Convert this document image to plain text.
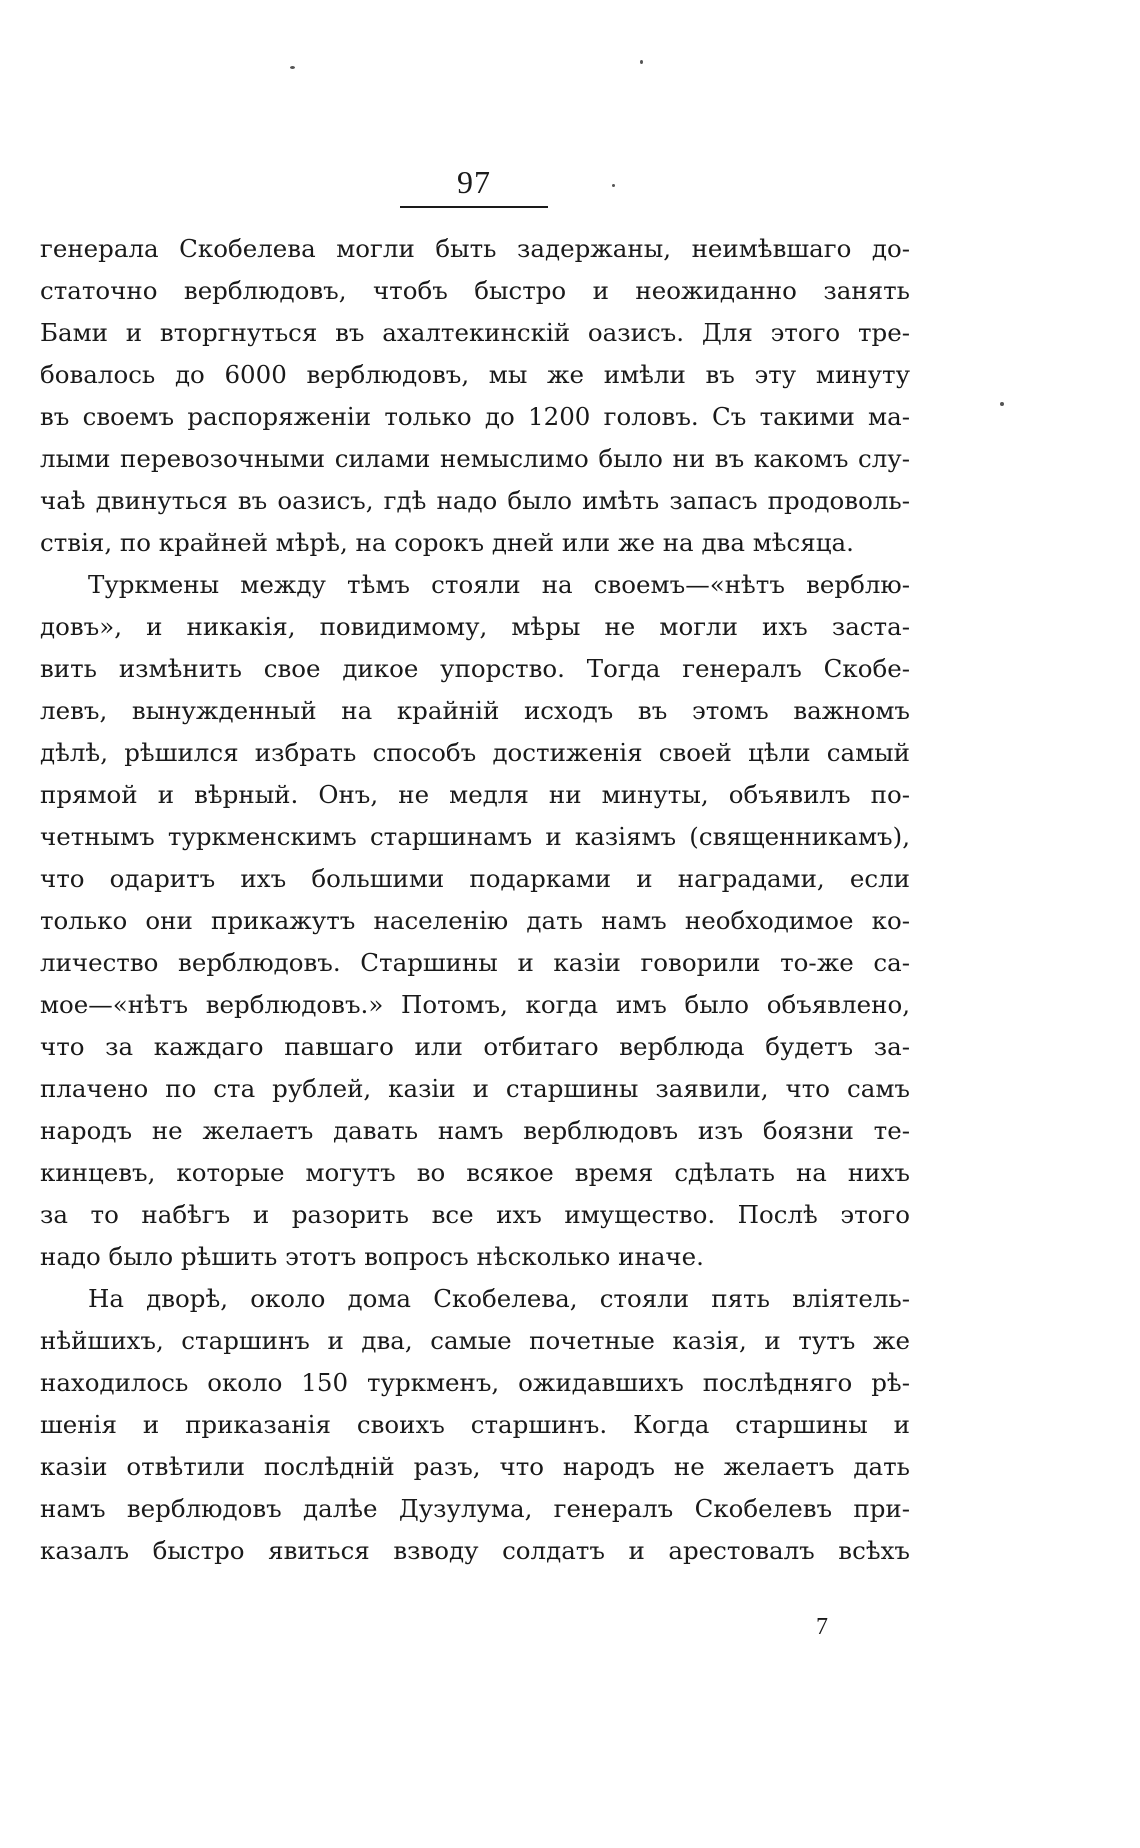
97
генерала Скобелева могли быть задержаны, неимѣвшаго до-
статочно верблюдовъ, чтобъ быстро и неожиданно занять
Бами и вторгнуться въ ахалтекинскій оазисъ. Для этого тре-
бовалось до 6000 верблюдовъ, мы же имѣли въ эту минуту
въ своемъ распоряженіи только до 1200 головъ. Съ такими ма-
лыми перевозочными силами немыслимо было ни въ какомъ слу-
чаѣ двинуться въ оазисъ, гдѣ надо было имѣть запасъ продоволь-
ствія, по крайней мѣрѣ, на сорокъ дней или же на два мѣсяца.
Туркмены между тѣмъ стояли на своемъ—«нѣтъ верблю-
довъ», и никакія, повидимому, мѣры не могли ихъ заста-
вить измѣнить свое дикое упорство. Тогда генералъ Скобе-
левъ, вынужденный на крайній исходъ въ этомъ важномъ
дѣлѣ, рѣшился избрать способъ достиженія своей цѣли самый
прямой и вѣрный. Онъ, не медля ни минуты, объявилъ по-
четнымъ туркменскимъ старшинамъ и казіямъ (священникамъ),
что одаритъ ихъ большими подарками и наградами, если
только они прикажутъ населенію дать намъ необходимое ко-
личество верблюдовъ. Старшины и казіи говорили то-же са-
мое—«нѣтъ верблюдовъ.» Потомъ, когда имъ было объявлено,
что за каждаго павшаго или отбитаго верблюда будетъ за-
плачено по ста рублей, казіи и старшины заявили, что самъ
народъ не желаетъ давать намъ верблюдовъ изъ боязни те-
кинцевъ, которые могутъ во всякое время сдѣлать на нихъ
за то набѣгъ и разорить все ихъ имущество. Послѣ этого
надо было рѣшить этотъ вопросъ нѣсколько иначе.
На дворѣ, около дома Скобелева, стояли пять вліятель-
нѣйшихъ, старшинъ и два, самые почетные казія, и тутъ же
находилось около 150 туркменъ, ожидавшихъ послѣдняго рѣ-
шенія и приказанія своихъ старшинъ. Когда старшины и
казіи отвѣтили послѣдній разъ, что народъ не желаетъ дать
намъ верблюдовъ далѣе Дузулума, генералъ Скобелевъ при-
казалъ быстро явиться взводу солдатъ и арестовалъ всѣхъ
7
